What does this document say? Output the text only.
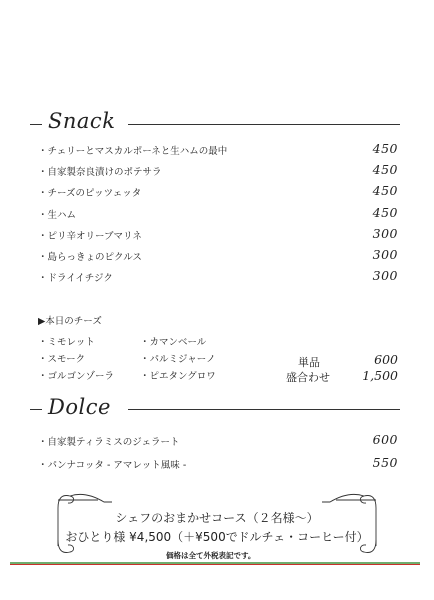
Snack
・チェリーとマスカルポーネと生ハムの最中	450
・自家製奈良漬けのポテサラ	450
・チーズのピッツェッタ	450
・生ハム	450
・ピリ辛オリーブマリネ	300
・島らっきょのピクルス	300
・ドライイチジク	300
▶本日のチーズ
・ミモレット
・スモーク
・ゴルゴンゾーラ
・カマンベール
・パルミジャーノ
・ピエタングロワ
単品	600
盛合わせ	1,500
Dolce
・自家製ティラミスのジェラート	600
・パンナコッタ - アマレット風味 -	550
シェフのおまかせコース（２名様～）
おひとり様 ¥4,500（＋¥500でドルチェ・コーヒー付）
価格は全て外税表記です。
